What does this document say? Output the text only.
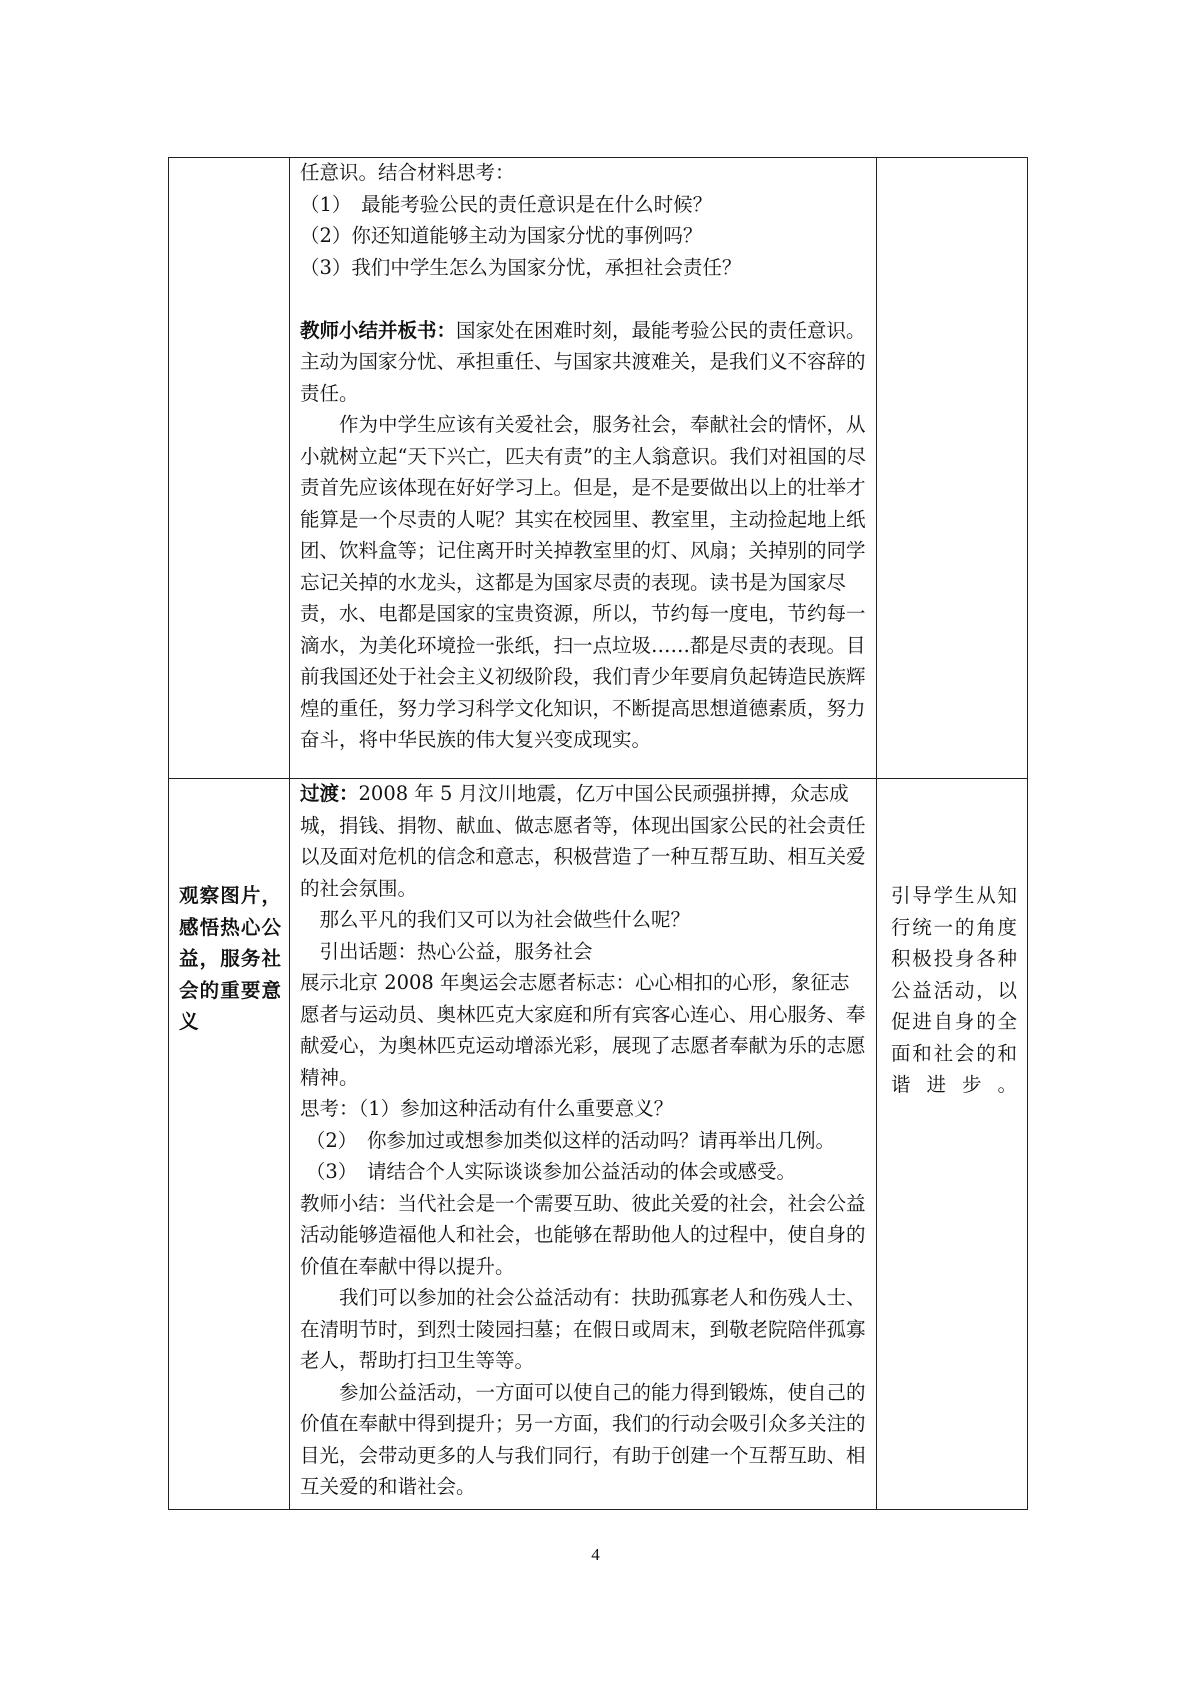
任意识。结合材料思考：

（1）　最能考验公民的责任意识是在什么时候？

（2）你还知道能够主动为国家分忧的事例吗？

（3）我们中学生怎么为国家分忧，承担社会责任？

教师小结并板书：国家处在困难时刻，最能考验公民的责任意识。主动为国家分忧、承担重任、与国家共渡难关，是我们义不容辞的责任。

作为中学生应该有关爱社会，服务社会，奉献社会的情怀，从小就树立起“天下兴亡，匹夫有责”的主人翁意识。我们对祖国的尽责首先应该体现在好好学习上。但是，是不是要做出以上的壮举才能算是一个尽责的人呢？其实在校园里、教室里，主动捡起地上纸团、饮料盒等；记住离开时关掉教室里的灯、风扇；关掉别的同学忘记关掉的水龙头，这都是为国家尽责的表现。读书是为国家尽责，水、电都是国家的宝贵资源，所以，节约每一度电，节约每一滴水，为美化环境捡一张纸，扫一点垃圾……都是尽责的表现。目前我国还处于社会主义初级阶段，我们青少年要肩负起铸造民族辉煌的重任，努力学习科学文化知识，不断提高思想道德素质，努力奋斗，将中华民族的伟大复兴变成现实。

过渡：2008 年 5 月汶川地震，亿万中国公民顽强拼搏，众志成城，捐钱、捐物、献血、做志愿者等，体现出国家公民的社会责任以及面对危机的信念和意志，积极营造了一种互帮互助、相互关爱的社会氛围。

那么平凡的我们又可以为社会做些什么呢？

引出话题：热心公益，服务社会

展示北京 2008 年奥运会志愿者标志：心心相扣的心形，象征志愿者与运动员、奥林匹克大家庭和所有宾客心连心、用心服务、奉献爱心，为奥林匹克运动增添光彩，展现了志愿者奉献为乐的志愿精神。

思考：（1）参加这种活动有什么重要意义？

（2）　你参加过或想参加类似这样的活动吗？请再举出几例。

（3）　请结合个人实际谈谈参加公益活动的体会或感受。

教师小结：当代社会是一个需要互助、彼此关爱的社会，社会公益活动能够造福他人和社会，也能够在帮助他人的过程中，使自身的价值在奉献中得以提升。

我们可以参加的社会公益活动有：扶助孤寡老人和伤残人士、在清明节时，到烈士陵园扫墓；在假日或周末，到敬老院陪伴孤寡老人，帮助打扫卫生等等。

参加公益活动，一方面可以使自己的能力得到锻炼，使自己的价值在奉献中得到提升；另一方面，我们的行动会吸引众多关注的目光，会带动更多的人与我们同行，有助于创建一个互帮互助、相互关爱的和谐社会。

观察图片，感悟热心公益，服务社会的重要意义
引导学生从知行统一的角度积极投身各种公益活动，以促进自身的全面和社会的和谐进步。
4
